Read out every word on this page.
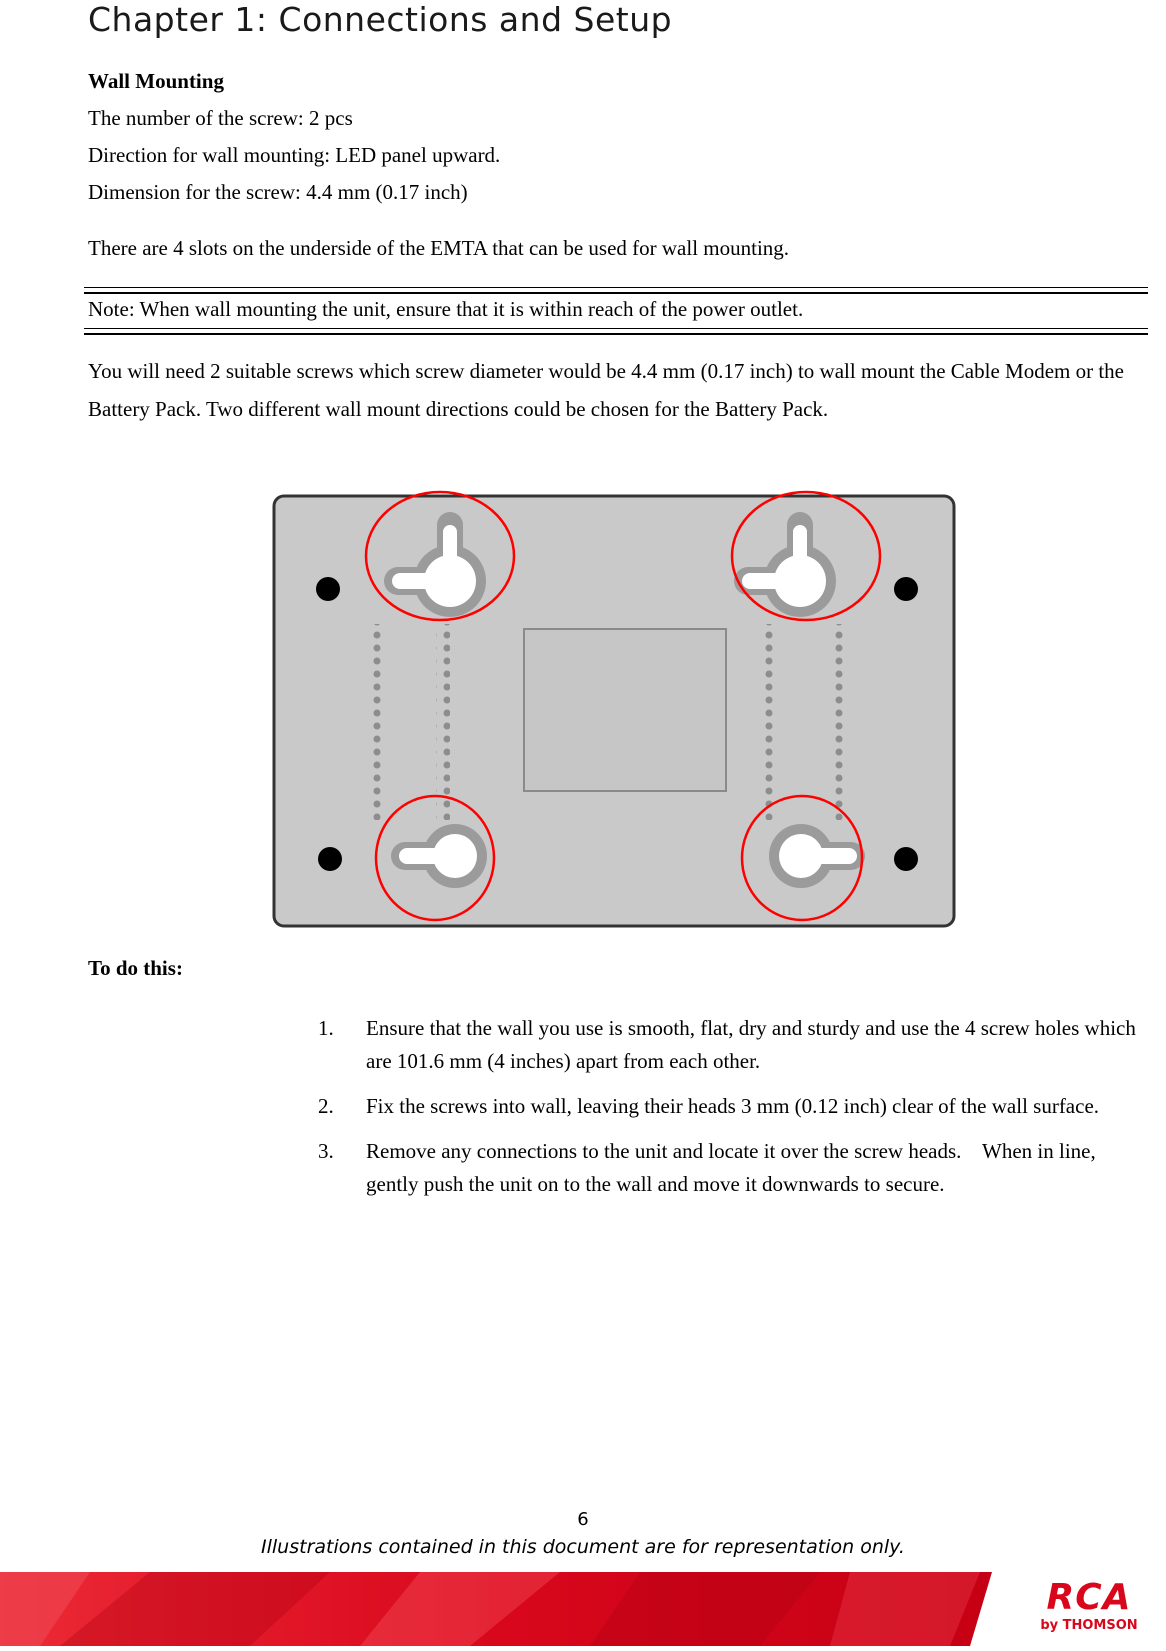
Chapter 1: Connections and Setup
Wall Mounting
The number of the screw: 2 pcs
Direction for wall mounting: LED panel upward.
Dimension for the screw: 4.4 mm (0.17 inch)
There are 4 slots on the underside of the EMTA that can be used for wall mounting.
Note: When wall mounting the unit, ensure that it is within reach of the power outlet.
You will need 2 suitable screws which screw diameter would be 4.4 mm (0.17 inch) to wall mount the Cable Modem or the Battery Pack. Two different wall mount directions could be chosen for the Battery Pack.
To do this:
1. Ensure that the wall you use is smooth, flat, dry and sturdy and use the 4 screw holes which are 101.6 mm (4 inches) apart from each other.
2. Fix the screws into wall, leaving their heads 3 mm (0.12 inch) clear of the wall surface.
3. Remove any connections to the unit and locate it over the screw heads.    When in line, gently push the unit on to the wall and move it downwards to secure.
6
Illustrations contained in this document are for representation only.
RCA
by THOMSON
